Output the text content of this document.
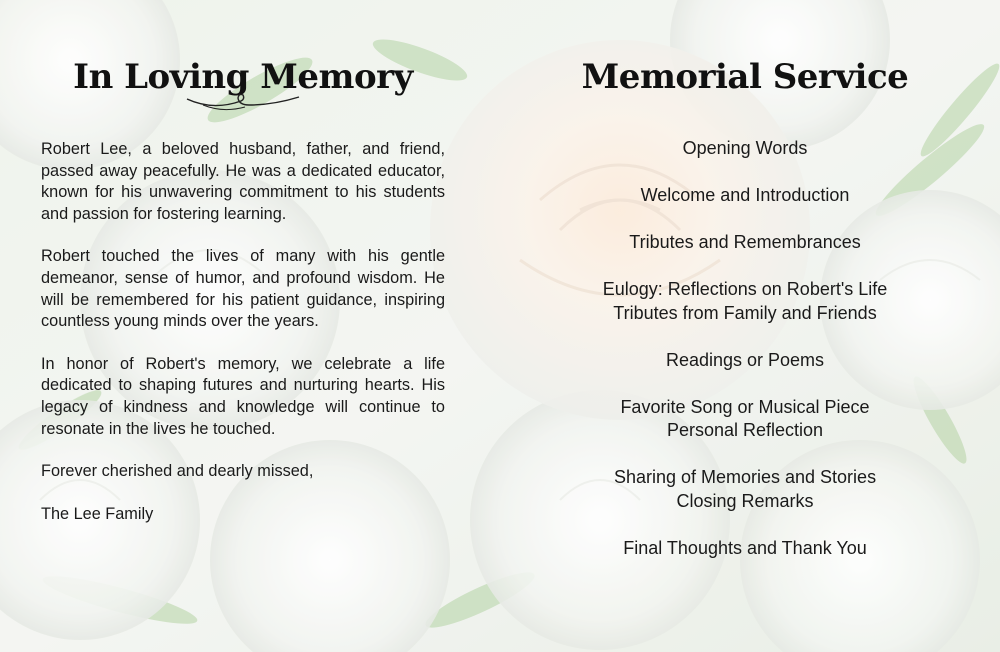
In Loving Memory

Robert Lee, a beloved husband, father, and friend, passed away peacefully. He was a dedicated educator, known for his unwavering commitment to his students and passion for fostering learning.

Robert touched the lives of many with his gentle demeanor, sense of humor, and profound wisdom. He will be remembered for his patient guidance, inspiring countless young minds over the years.

In honor of Robert's memory, we celebrate a life dedicated to shaping futures and nurturing hearts. His legacy of kindness and knowledge will continue to resonate in the lives he touched.

Forever cherished and dearly missed,

The Lee Family

Memorial Service
Opening Words
Welcome and Introduction
Tributes and Remembrances
Eulogy: Reflections on Robert's Life
Tributes from Family and Friends
Readings or Poems
Favorite Song or Musical Piece
Personal Reflection
Sharing of Memories and Stories
Closing Remarks
Final Thoughts and Thank You
